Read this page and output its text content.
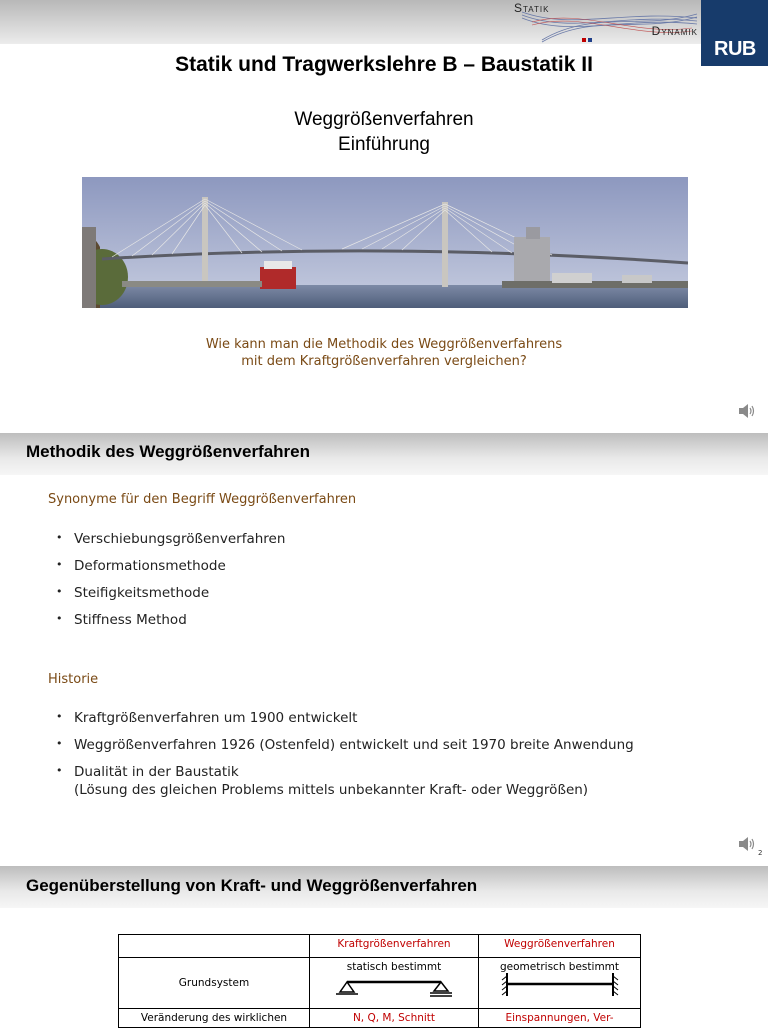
Statik
Dynamik
RUB
Statik und Tragwerkslehre B – Baustatik II
Weggrößenverfahren
Einführung
Wie kann man die Methodik des Weggrößenverfahrens
mit dem Kraftgrößenverfahren vergleichen?
Methodik des Weggrößenverfahren
Synonyme für den Begriff Weggrößenverfahren
• Verschiebungsgrößenverfahren
• Deformationsmethode
• Steifigkeitsmethode
• Stiffness Method
Historie
• Kraftgrößenverfahren um 1900 entwickelt
• Weggrößenverfahren 1926 (Ostenfeld) entwickelt und seit 1970 breite Anwendung
• Dualität in der Baustatik
(Lösung des gleichen Problems mittels unbekannter Kraft- oder Weggrößen)
2
Gegenüberstellung von Kraft- und Weggrößenverfahren
	Kraftgrößenverfahren	Weggrößenverfahren
Grundsystem	statisch bestimmt	geometrisch bestimmt

Veränderung des wirklichen	N, Q, M, Schnitt	Einspannungen, Ver-
